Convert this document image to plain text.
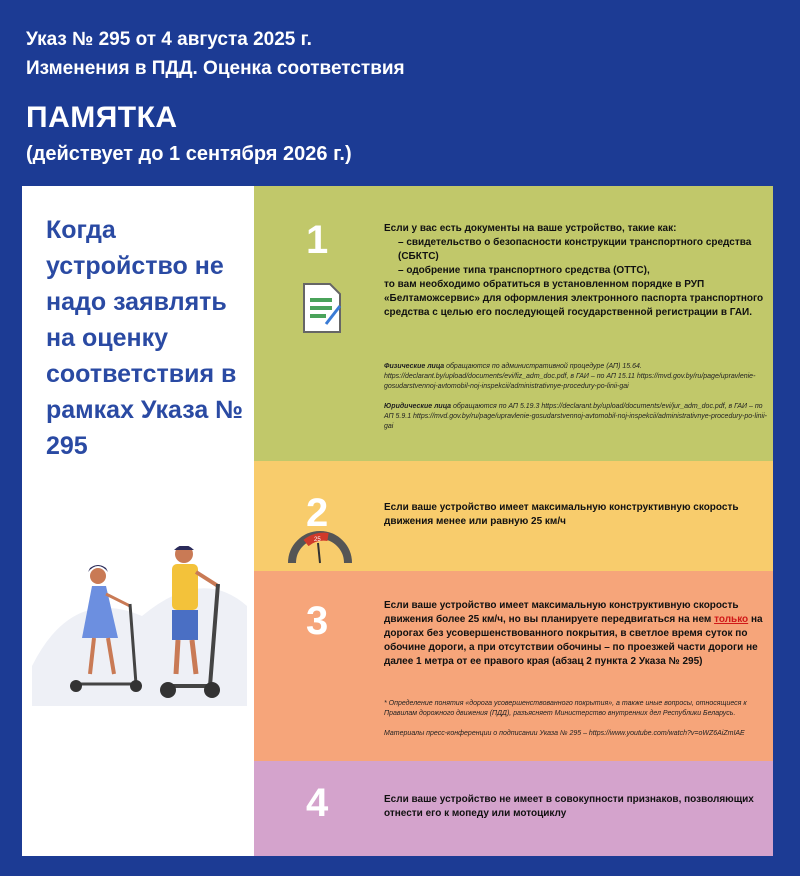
Указ № 295 от 4 августа 2025 г.
Изменения в ПДД. Оценка соответствия
ПАМЯТКА
(действует до 1 сентября 2026 г.)
Когда устройство не надо заявлять на оценку соответствия в рамках Указа № 295
1	Если у вас есть документы на ваше устройство, такие как:
– свидетельство о безопасности конструкции транспортного средства (СБКТС)
– одобрение типа транспортного средства (ОТТС),
то вам необходимо обратиться в установленном порядке в РУП «Белтаможсервис» для оформления электронного паспорта транспортного средства с целью его последующей государственной регистрации в ГАИ.
Физические лица обращаются по административной процедуре (АП) 15.64. https://declarant.by/upload/documents/evi/fiz_adm_doc.pdf, в ГАИ – по АП 15.11 https://mvd.gov.by/ru/page/upravlenie-gosudarstvennoj-avtomobil-noj-inspekcii/administrativnye-procedury-po-linii-gai
Юридические лица обращаются по АП 5.19.3 https://declarant.by/upload/documents/evi/jur_adm_doc.pdf, в ГАИ – по АП 5.9.1 https://mvd.gov.by/ru/page/upravlenie-gosudarstvennoj-avtomobil-noj-inspekcii/administrativnye-procedury-po-linii-gai
2
25
Если ваше устройство имеет максимальную конструктивную скорость движения менее или равную 25 км/ч
3	Если ваше устройство имеет максимальную конструктивную скорость движения более 25 км/ч, но вы планируете передвигаться на нем только на дорогах без усовершенствованного покрытия, в светлое время суток по обочине дороги, а при отсутствии обочины – по проезжей части дороги не далее 1 метра от ее правого края (абзац 2 пункта 2 Указа № 295)
* Определение понятия «дорога усовершенствованного покрытия», а также иные вопросы, относящиеся к Правилам дорожного движения (ПДД), разъясняет Министерство внутренних дел Республики Беларусь.
Материалы пресс-конференции о подписании Указа № 295 – https://www.youtube.com/watch?v=oWZ6AiZmIAE
4	Если ваше устройство не имеет в совокупности признаков, позволяющих отнести его к мопеду или мотоциклу
